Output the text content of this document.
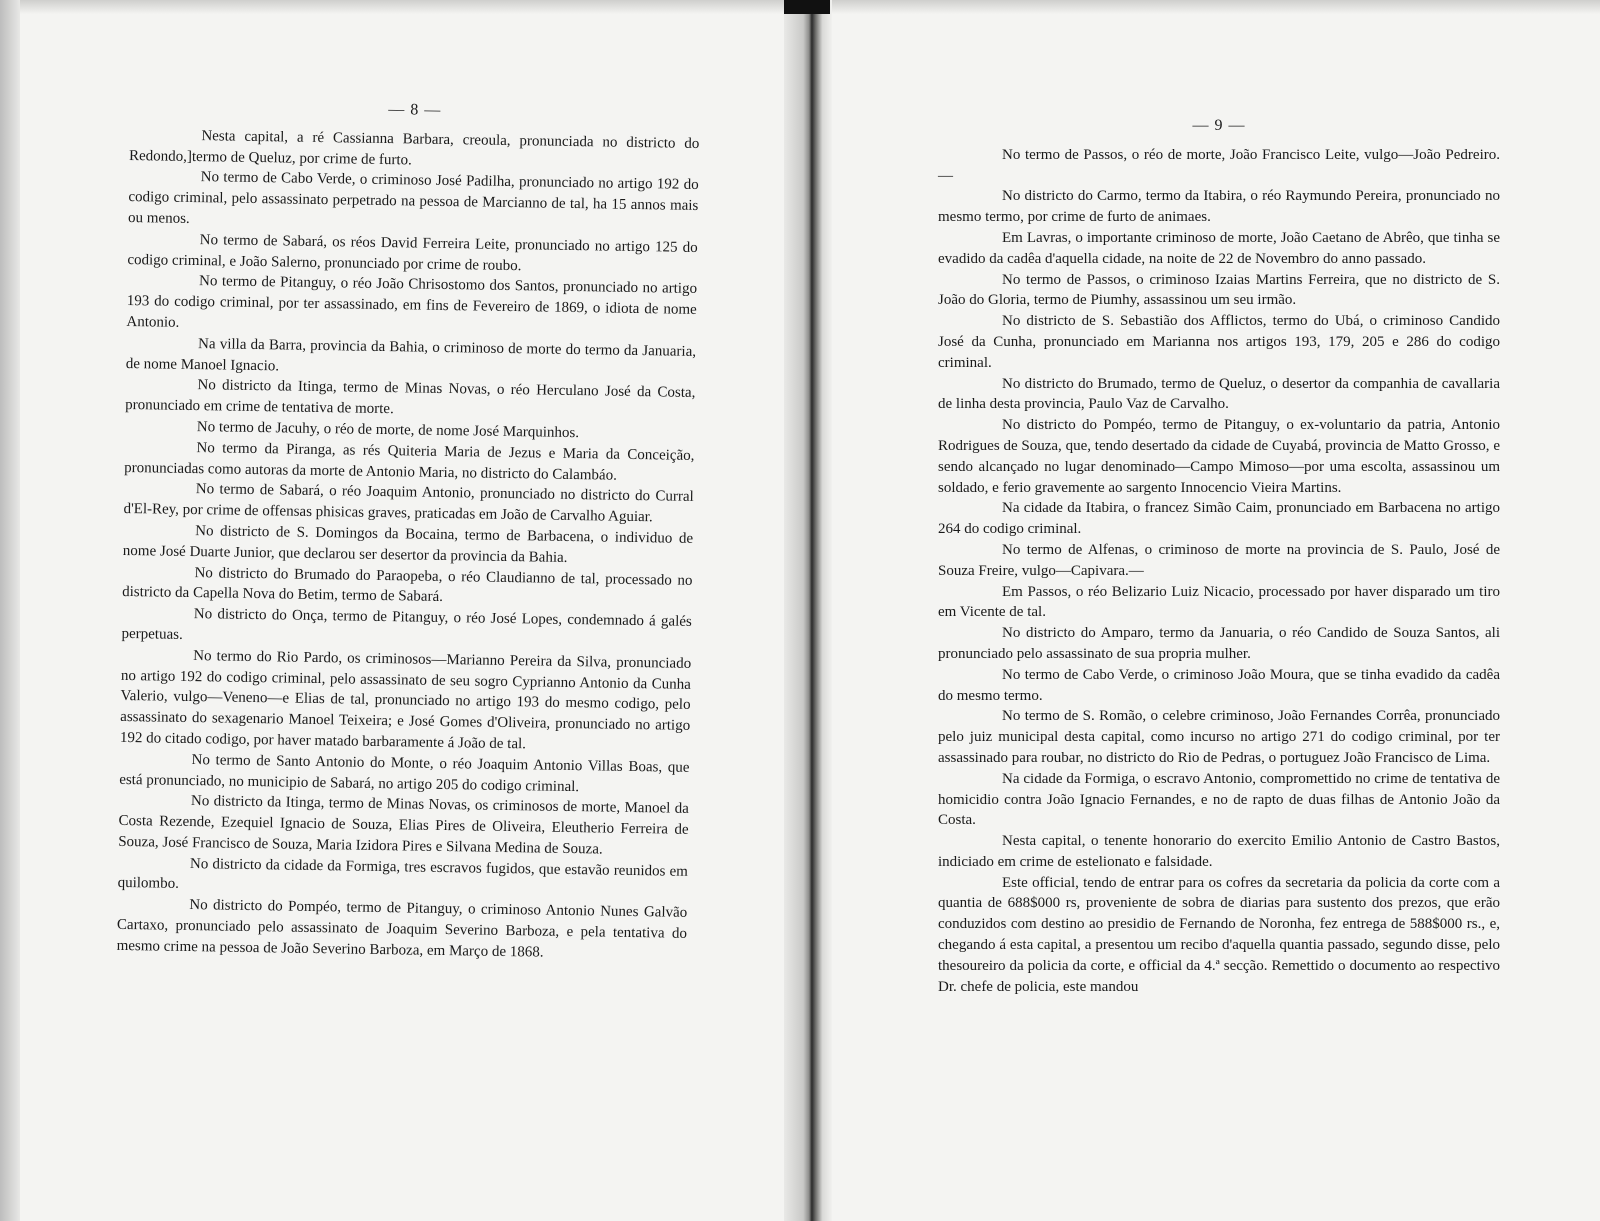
— 8 —

Nesta capital, a ré Cassianna Barbara, creoula, pronunciada no districto do Redondo,]termo de Queluz, por crime de furto.

No termo de Cabo Verde, o criminoso José Padilha, pronunciado no artigo 192 do codigo criminal, pelo assassinato perpetrado na pessoa de Marcianno de tal, ha 15 annos mais ou menos.

No termo de Sabará, os réos David Ferreira Leite, pronunciado no artigo 125 do codigo criminal, e João Salerno, pronunciado por crime de roubo.

No termo de Pitanguy, o réo João Chrisostomo dos Santos, pronunciado no artigo 193 do codigo criminal, por ter assassinado, em fins de Fevereiro de 1869, o idiota de nome Antonio.

Na villa da Barra, provincia da Bahia, o criminoso de morte do termo da Januaria, de nome Manoel Ignacio.

No districto da Itinga, termo de Minas Novas, o réo Herculano José da Costa, pronunciado em crime de tentativa de morte.

No termo de Jacuhy, o réo de morte, de nome José Marquinhos.

No termo da Piranga, as rés Quiteria Maria de Jezus e Maria da Conceição, pronunciadas como autoras da morte de Antonio Maria, no districto do Calambáo.

No termo de Sabará, o réo Joaquim Antonio, pronunciado no districto do Curral d'El-Rey, por crime de offensas phisicas graves, praticadas em João de Carvalho Aguiar.

No districto de S. Domingos da Bocaina, termo de Barbacena, o individuo de nome José Duarte Junior, que declarou ser desertor da provincia da Bahia.

No districto do Brumado do Paraopeba, o réo Claudianno de tal, processado no districto da Capella Nova do Betim, termo de Sabará.

No districto do Onça, termo de Pitanguy, o réo José Lopes, condemnado á galés perpetuas.

No termo do Rio Pardo, os criminosos—Marianno Pereira da Silva, pronunciado no artigo 192 do codigo criminal, pelo assassinato de seu sogro Cyprianno Antonio da Cunha Valerio, vulgo—Veneno—e Elias de tal, pronunciado no artigo 193 do mesmo codigo, pelo assassinato do sexagenario Manoel Teixeira; e José Gomes d'Oliveira, pronunciado no artigo 192 do citado codigo, por haver matado barbaramente á João de tal.

No termo de Santo Antonio do Monte, o réo Joaquim Antonio Villas Boas, que está pronunciado, no municipio de Sabará, no artigo 205 do codigo criminal.

No districto da Itinga, termo de Minas Novas, os criminosos de morte, Manoel da Costa Rezende, Ezequiel Ignacio de Souza, Elias Pires de Oliveira, Eleutherio Ferreira de Souza, José Francisco de Souza, Maria Izidora Pires e Silvana Medina de Souza.

No districto da cidade da Formiga, tres escravos fugidos, que estavão reunidos em quilombo.

No districto do Pompéo, termo de Pitanguy, o criminoso Antonio Nunes Galvão Cartaxo, pronunciado pelo assassinato de Joaquim Severino Barboza, e pela tentativa do mesmo crime na pessoa de João Severino Barboza, em Março de 1868.

— 9 —

No termo de Passos, o réo de morte, João Francisco Leite, vulgo—João Pedreiro.—

No districto do Carmo, termo da Itabira, o réo Raymundo Pereira, pronunciado no mesmo termo, por crime de furto de animaes.

Em Lavras, o importante criminoso de morte, João Caetano de Abrêo, que tinha se evadido da cadêa d'aquella cidade, na noite de 22 de Novembro do anno passado.

No termo de Passos, o criminoso Izaias Martins Ferreira, que no districto de S. João do Gloria, termo de Piumhy, assassinou um seu irmão.

No districto de S. Sebastião dos Afflictos, termo do Ubá, o criminoso Candido José da Cunha, pronunciado em Marianna nos artigos 193, 179, 205 e 286 do codigo criminal.

No districto do Brumado, termo de Queluz, o desertor da companhia de cavallaria de linha desta provincia, Paulo Vaz de Carvalho.

No districto do Pompéo, termo de Pitanguy, o ex-voluntario da patria, Antonio Rodrigues de Souza, que, tendo desertado da cidade de Cuyabá, provincia de Matto Grosso, e sendo alcançado no lugar denominado—Campo Mimoso—por uma escolta, assassinou um soldado, e ferio gravemente ao sargento Innocencio Vieira Martins.

Na cidade da Itabira, o francez Simão Caim, pronunciado em Barbacena no artigo 264 do codigo criminal.

No termo de Alfenas, o criminoso de morte na provincia de S. Paulo, José de Souza Freire, vulgo—Capivara.—

Em Passos, o réo Belizario Luiz Nicacio, processado por haver disparado um tiro em Vicente de tal.

No districto do Amparo, termo da Januaria, o réo Candido de Souza Santos, ali pronunciado pelo assassinato de sua propria mulher.

No termo de Cabo Verde, o criminoso João Moura, que se tinha evadido da cadêa do mesmo termo.

No termo de S. Romão, o celebre criminoso, João Fernandes Corrêa, pronunciado pelo juiz municipal desta capital, como incurso no artigo 271 do codigo criminal, por ter assassinado para roubar, no districto do Rio de Pedras, o portuguez João Francisco de Lima.

Na cidade da Formiga, o escravo Antonio, compromettido no crime de tentativa de homicidio contra João Ignacio Fernandes, e no de rapto de duas filhas de Antonio João da Costa.

Nesta capital, o tenente honorario do exercito Emilio Antonio de Castro Bastos, indiciado em crime de estelionato e falsidade.

Este official, tendo de entrar para os cofres da secretaria da policia da corte com a quantia de 688$000 rs, proveniente de sobra de diarias para sustento dos prezos, que erão conduzidos com destino ao presidio de Fernando de Noronha, fez entrega de 588$000 rs., e, chegando á esta capital, a presentou um recibo d'aquella quantia passado, segundo disse, pelo thesoureiro da policia da corte, e official da 4.ª secção. Remettido o documento ao respectivo Dr. chefe de policia, este mandou
